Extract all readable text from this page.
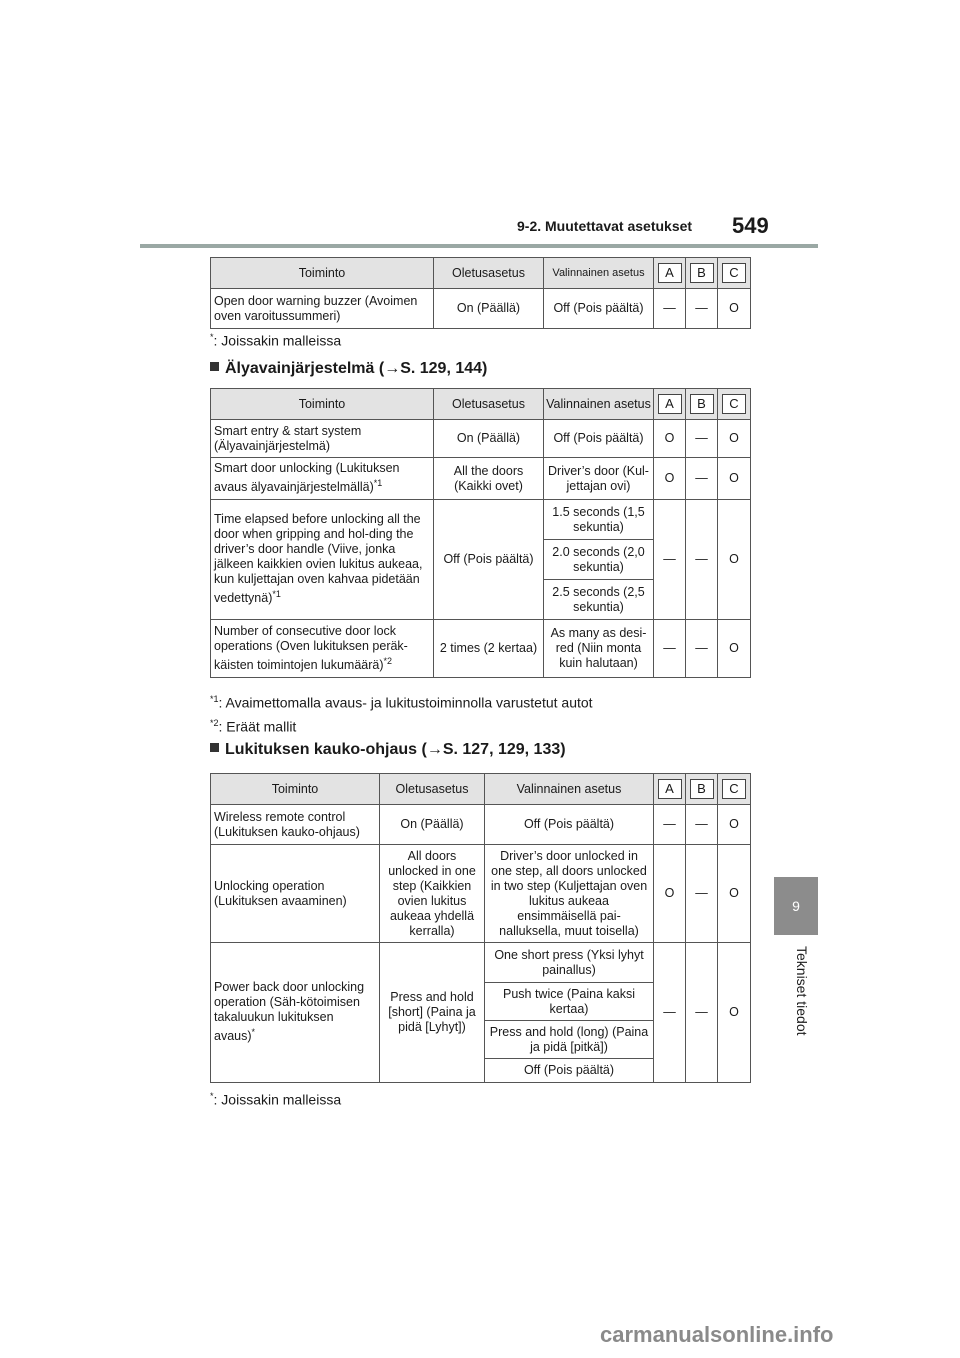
9-2. Muutettavat asetukset 549
9
Tekniset tiedot
Toiminto	Oletusasetus	Valinnainen asetus	A	B	C
Open door warning buzzer (Avoimen oven varoitussummeri)	On (Päällä)	Off (Pois päältä)	—	—	O
*: Joissakin malleissa
Älyavainjärjestelmä (→S. 129, 144)
Toiminto	Oletusasetus	Valinnainen asetus	A	B	C
Smart entry & start system (Älyavainjärjestelmä)	On (Päällä)	Off (Pois päältä)	O	—	O
Smart door unlocking (Lukituksen avaus älyavainjärjestelmällä)$^{*1}$	All the doors (Kaikki ovet)	Driver’s door (Kul-jettajan ovi)	O	—	O
Time elapsed before unlocking all the door when gripping and hol-ding the driver’s door handle (Viive, jonka jälkeen kaikkien ovien lukitus aukeaa, kun kuljettajan oven kahvaa pidetään vedettynä)$^{*1}$	Off (Pois päältä)	1.5 seconds (1,5 sekuntia)	—	—	O
		2.0 seconds (2,0 sekuntia)			
		2.5 seconds (2,5 sekuntia)			
Number of consecutive door lock operations (Oven lukituksen peräk-käisten toimintojen lukumäärä)$^{*2}$	2 times (2 kertaa)	As many as desi-red (Niin monta kuin halutaan)	—	—	O
$^{*1}$: Avaimettomalla avaus- ja lukitustoiminnolla varustetut autot
$^{*2}$: Eräät mallit
Lukituksen kauko-ohjaus (→S. 127, 129, 133)
Toiminto	Oletusasetus	Valinnainen asetus	A	B	C
Wireless remote control (Lukituksen kauko-ohjaus)	On (Päällä)	Off (Pois päältä)	—	—	O
Unlocking operation (Lukituksen avaaminen)	All doors unlocked in one step (Kaikkien ovien lukitus aukeaa yhdellä kerralla)	Driver’s door unlocked in one step, all doors unlocked in two step (Kuljettajan oven lukitus aukeaa ensimmäisellä pai-nalluksella, muut toisella)	O	—	O
Power back door unlocking operation (Säh-kötoimisen takaluukun lukituksen avaus)*	Press and hold [short] (Paina ja pidä [Lyhyt])	One short press (Yksi lyhyt painallus)	—	—	O
		Push twice (Paina kaksi kertaa)			
		Press and hold (long) (Paina ja pidä [pitkä])			
		Off (Pois päältä)			
*: Joissakin malleissa
carmanualsonline.info
